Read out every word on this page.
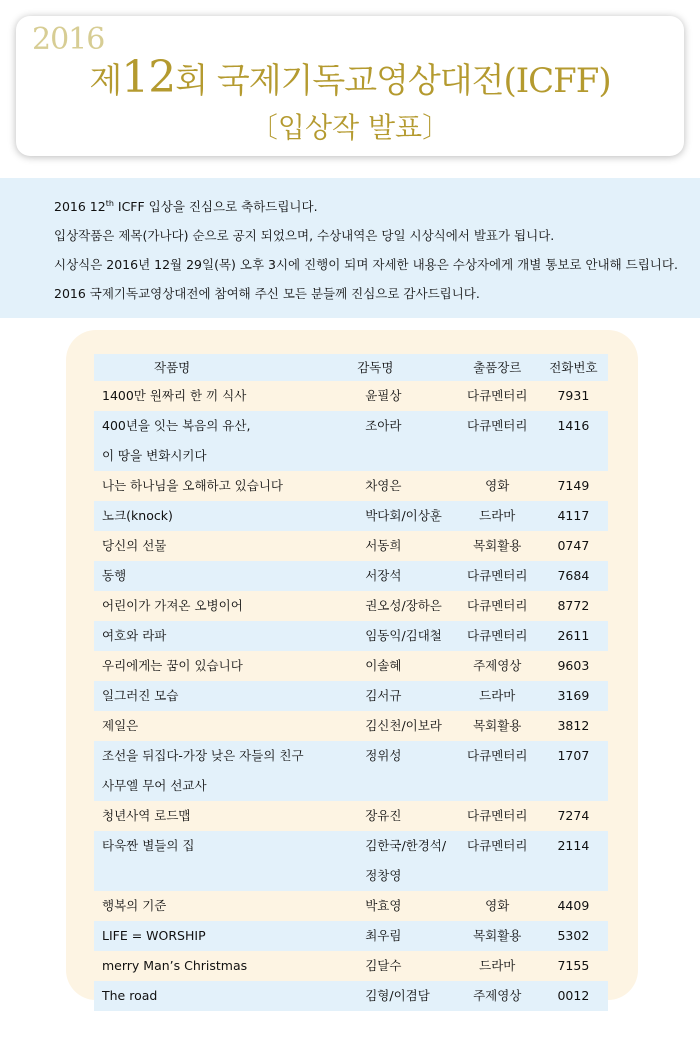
2016
제12회 국제기독교영상대전(ICFF)
〔입상작 발표〕
2016 12th ICFF 입상을 진심으로 축하드립니다.
입상작품은 제목(가나다) 순으로 공지 되었으며, 수상내역은 당일 시상식에서 발표가 됩니다.
시상식은 2016년 12월 29일(목) 오후 3시에 진행이 되며 자세한 내용은 수상자에게 개별 통보로 안내해 드립니다.
2016 국제기독교영상대전에 참여해 주신 모든 분들께 진심으로 감사드립니다.
작품명	감독명	출품장르	전화번호
1400만 원짜리 한 끼 식사	윤필상	다큐멘터리	7931
400년을 잇는 복음의 유산,
이 땅을 변화시키다	조아라	다큐멘터리	1416
나는 하나님을 오해하고 있습니다	차영은	영화	7149
노크(knock)	박다회/이상훈	드라마	4117
당신의 선물	서동희	목회활용	0747
동행	서장석	다큐멘터리	7684
어린이가 가져온 오병이어	권오성/장하은	다큐멘터리	8772
여호와 라파	임동익/김대철	다큐멘터리	2611
우리에게는 꿈이 있습니다	이솔혜	주제영상	9603
일그러진 모습	김서규	드라마	3169
제일은	김신천/이보라	목회활용	3812
조선을 뒤집다-가장 낮은 자들의 친구
사무엘 무어 선교사	정위성	다큐멘터리	1707
청년사역 로드맵	장유진	다큐멘터리	7274
타욱짠 별들의 집	김한국/한경석/정창영	다큐멘터리	2114
행복의 기준	박효영	영화	4409
LIFE = WORSHIP	최우림	목회활용	5302
merry Man’s Christmas	김달수	드라마	7155
The road	김형/이겸담	주제영상	0012
